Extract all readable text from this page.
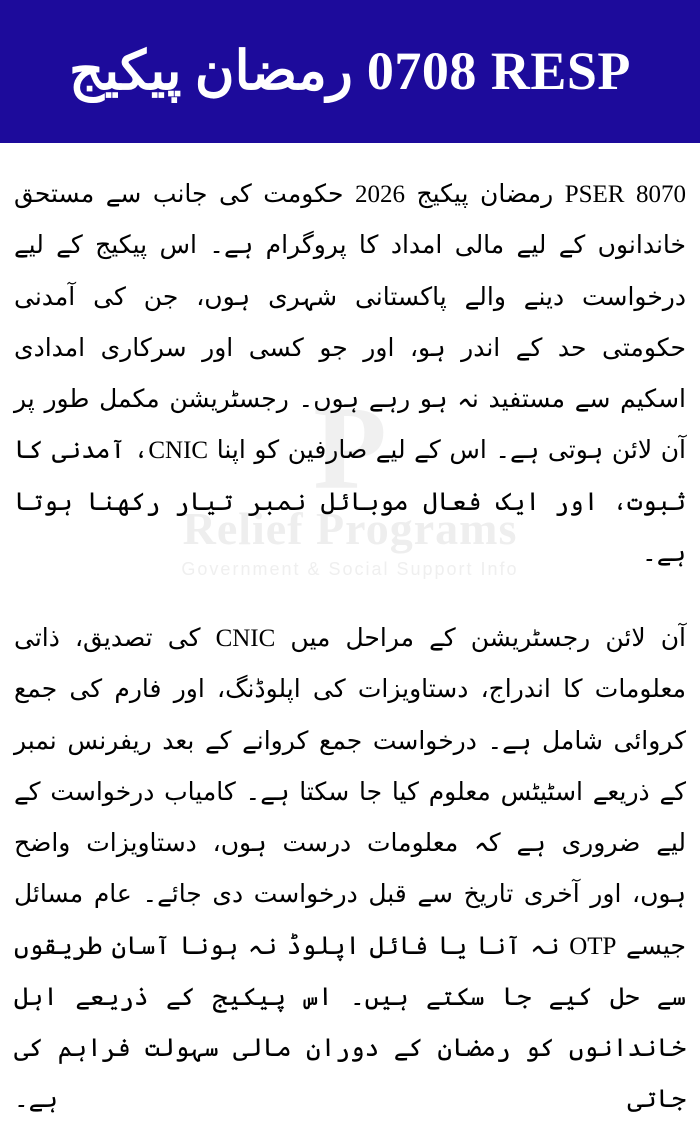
PSER 8070 رمضان پیکیج
P
Relief Programs
Government & Social Support Info

PSER 8070 رمضان پیکیج 2026 حکومت کی جانب سے مستحق خاندانوں کے لیے مالی امداد کا پروگرام ہے۔ اس پیکیج کے لیے درخواست دینے والے پاکستانی شہری ہوں، جن کی آمدنی حکومتی حد کے اندر ہو، اور جو کسی اور سرکاری امدادی اسکیم سے مستفید نہ ہو رہے ہوں۔ رجسٹریشن مکمل طور پر آن لائن ہوتی ہے۔ اس کے لیے صارفین کو اپنا CNIC، آمدنی کا ثبوت، اور ایک فعال موبائل نمبر تیار رکھنا ہوتا ہے۔

آن لائن رجسٹریشن کے مراحل میں CNIC کی تصدیق، ذاتی معلومات کا اندراج، دستاویزات کی اپلوڈنگ، اور فارم کی جمع کروائی شامل ہے۔ درخواست جمع کروانے کے بعد ریفرنس نمبر کے ذریعے اسٹیٹس معلوم کیا جا سکتا ہے۔ کامیاب درخواست کے لیے ضروری ہے کہ معلومات درست ہوں، دستاویزات واضح ہوں، اور آخری تاریخ سے قبل درخواست دی جائے۔ عام مسائل جیسے OTP نہ آنا یا فائل اپلوڈ نہ ہونا آسان طریقوں سے حل کیے جا سکتے ہیں۔ اس پیکیج کے ذریعے اہل خاندانوں کو رمضان کے دوران مالی سہولت فراہم کی جاتی ہے۔
